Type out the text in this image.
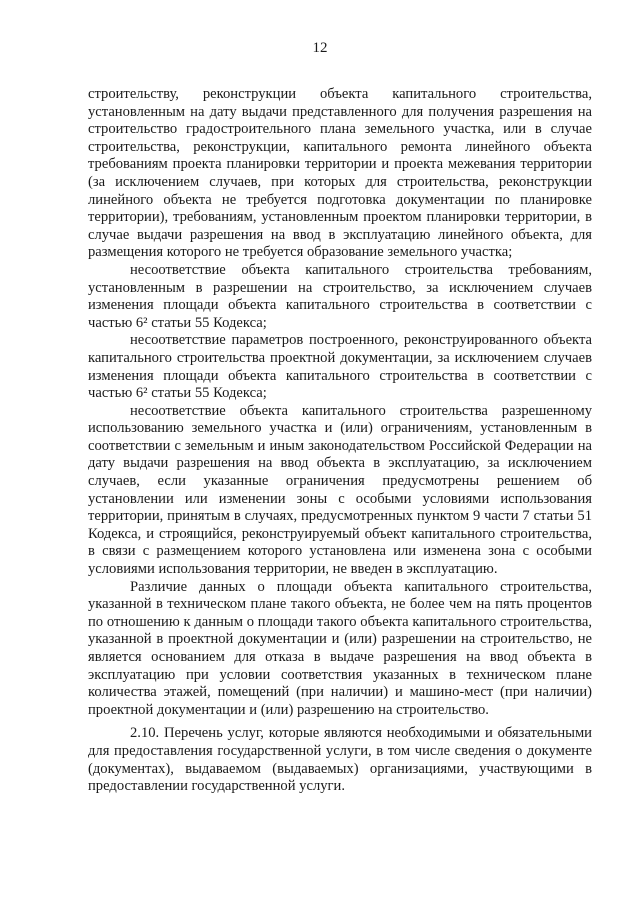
12

строительству, реконструкции объекта капитального строительства, установленным на дату выдачи представленного для получения разрешения на строительство градостроительного плана земельного участка, или в случае строительства, реконструкции, капитального ремонта линейного объекта требованиям проекта планировки территории и проекта межевания территории (за исключением случаев, при которых для строительства, реконструкции линейного объекта не требуется подготовка документации по планировке территории), требованиям, установленным проектом планировки территории, в случае выдачи разрешения на ввод в эксплуатацию линейного объекта, для размещения которого не требуется образование земельного участка;

несоответствие объекта капитального строительства требованиям, установленным в разрешении на строительство, за исключением случаев изменения площади объекта капитального строительства в соответствии с частью 6² статьи 55 Кодекса;

несоответствие параметров построенного, реконструированного объекта капитального строительства проектной документации, за исключением случаев изменения площади объекта капитального строительства в соответствии с частью 6² статьи 55 Кодекса;

несоответствие объекта капитального строительства разрешенному использованию земельного участка и (или) ограничениям, установленным в соответствии с земельным и иным законодательством Российской Федерации на дату выдачи разрешения на ввод объекта в эксплуатацию, за исключением случаев, если указанные ограничения предусмотрены решением об установлении или изменении зоны с особыми условиями использования территории, принятым в случаях, предусмотренных пунктом 9 части 7 статьи 51 Кодекса, и строящийся, реконструируемый объект капитального строительства, в связи с размещением которого установлена или изменена зона с особыми условиями использования территории, не введен в эксплуатацию.

Различие данных о площади объекта капитального строительства, указанной в техническом плане такого объекта, не более чем на пять процентов по отношению к данным о площади такого объекта капитального строительства, указанной в проектной документации и (или) разрешении на строительство, не является основанием для отказа в выдаче разрешения на ввод объекта в эксплуатацию при условии соответствия указанных в техническом плане количества этажей, помещений (при наличии) и машино-мест (при наличии) проектной документации и (или) разрешению на строительство.

2.10. Перечень услуг, которые являются необходимыми и обязательными для предоставления государственной услуги, в том числе сведения о документе (документах), выдаваемом (выдаваемых) организациями, участвующими в предоставлении государственной услуги.
